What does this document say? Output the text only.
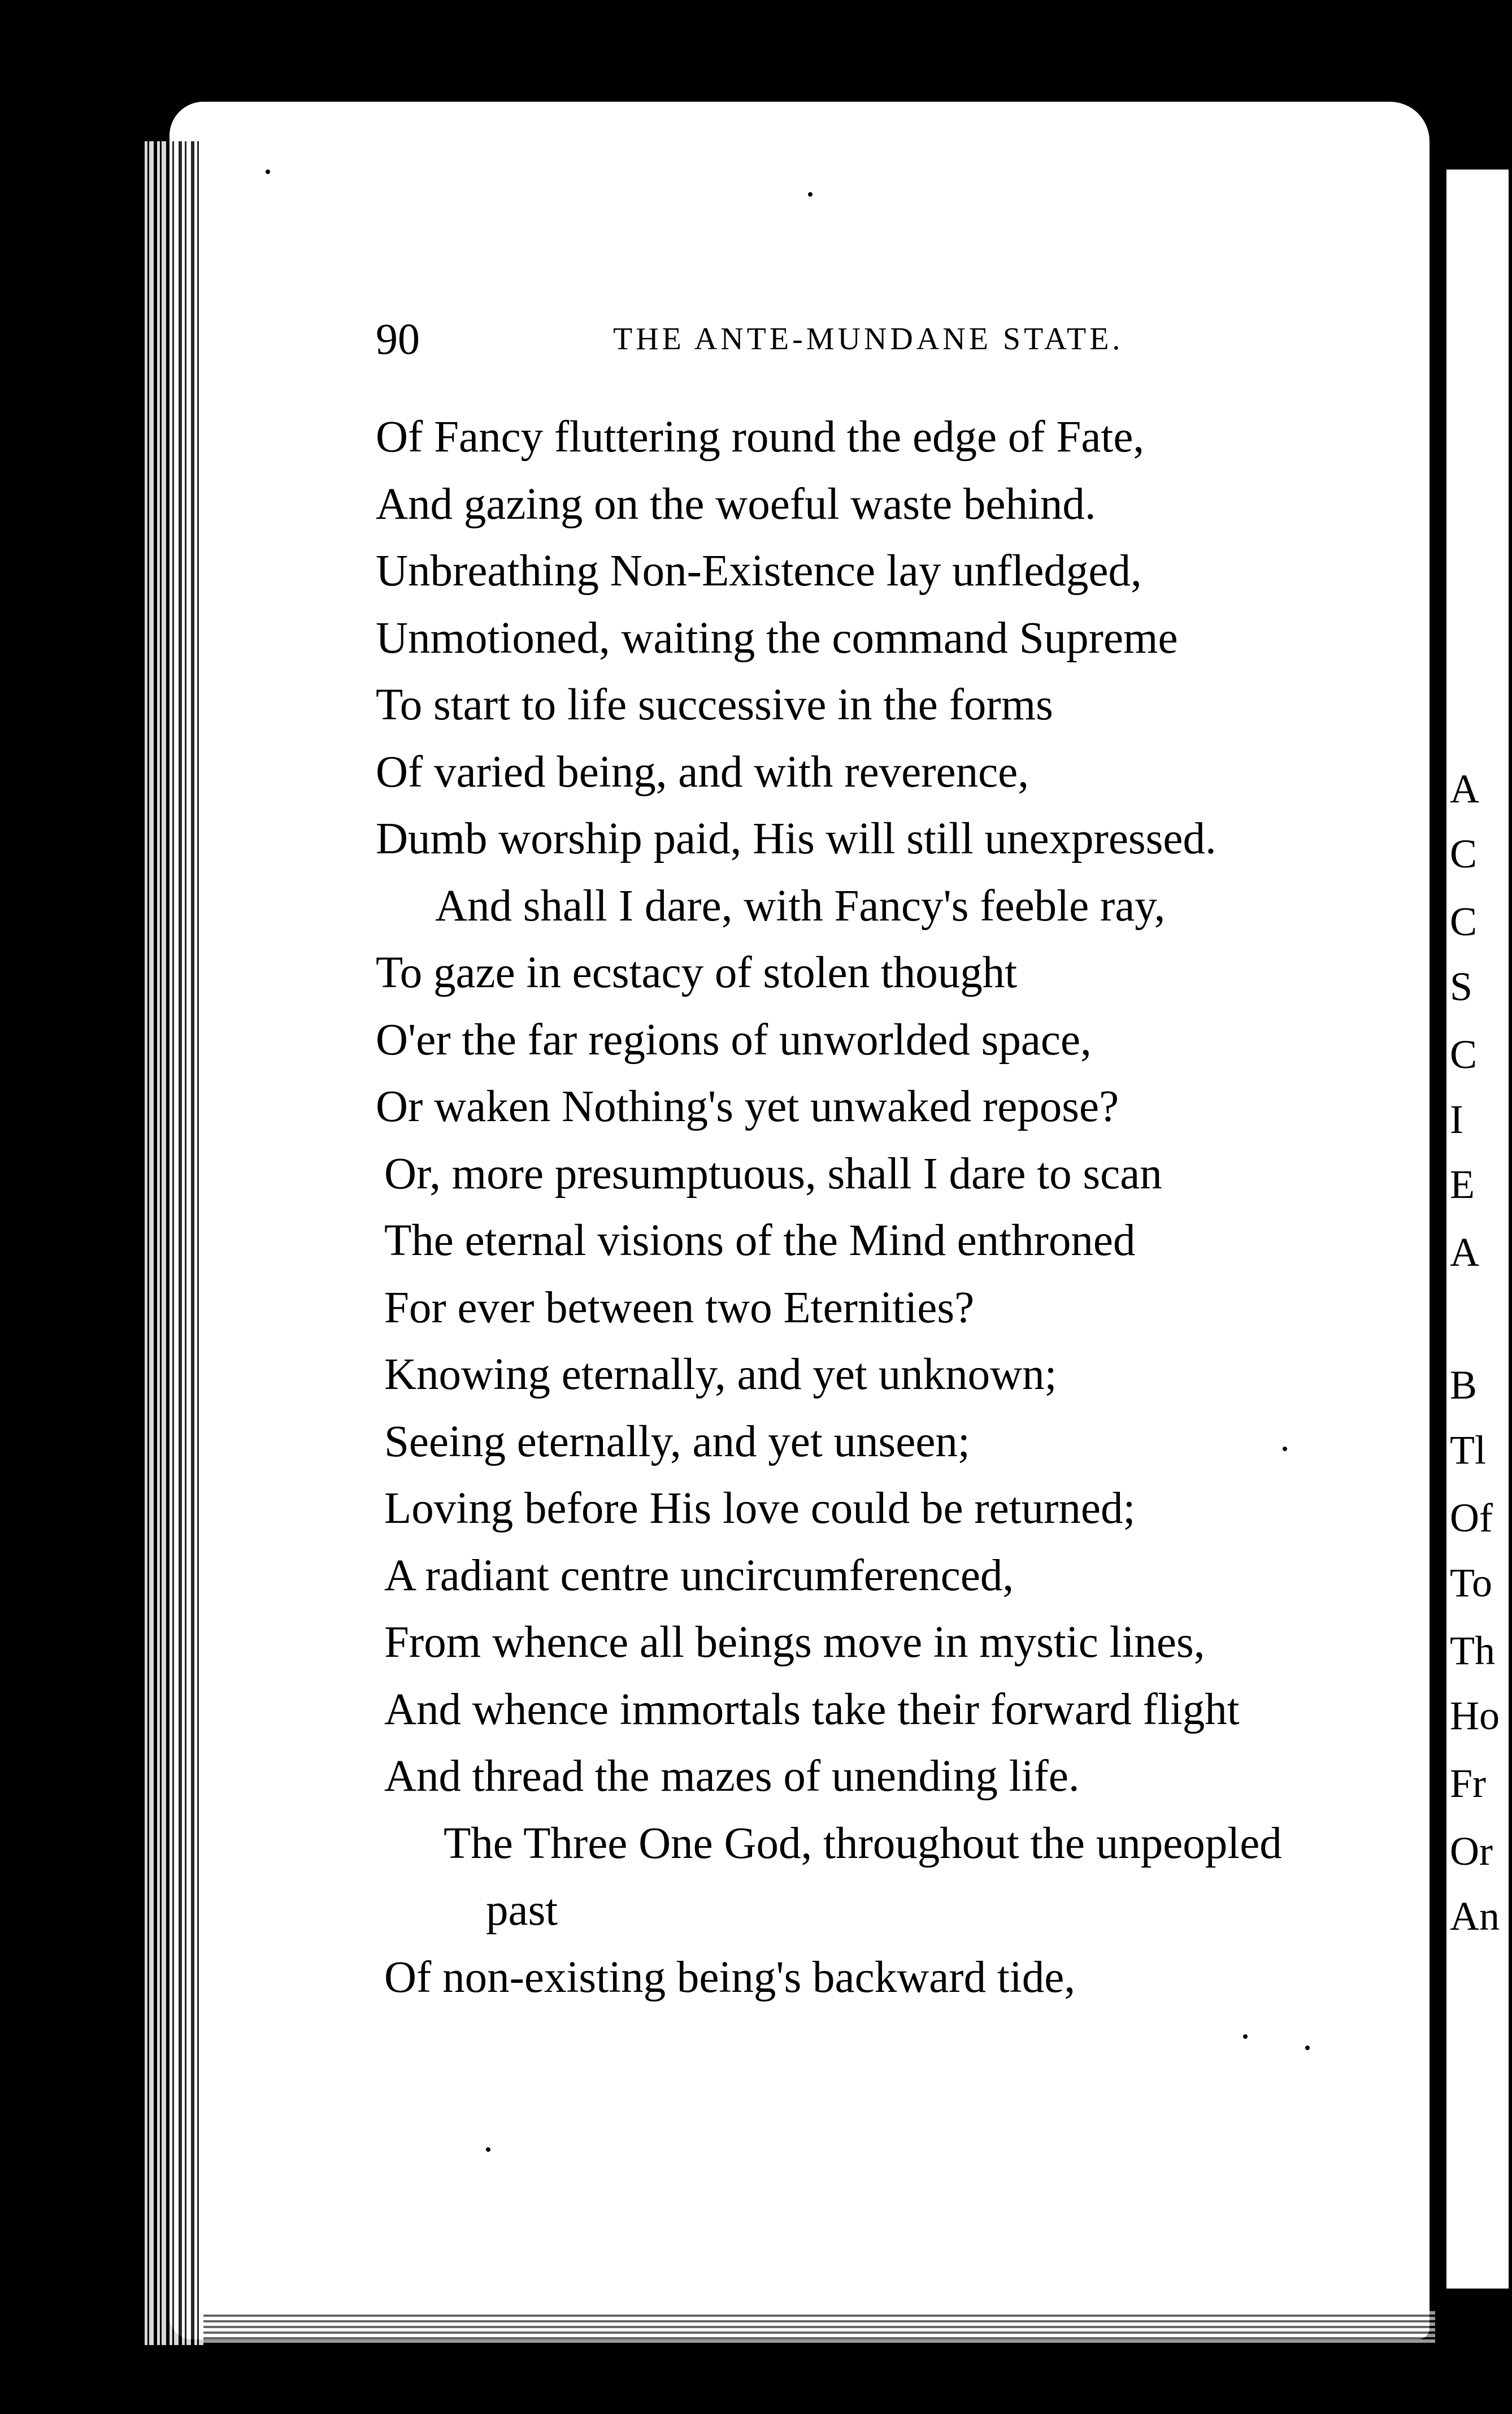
A
C
C
S
C
I
E
A
B
Tl
Of
To
Th
Ho
Fr
Or
An
90	THE ANTE-MUNDANE STATE.
Of Fancy fluttering round the edge of Fate,
And gazing on the woeful waste behind.
Unbreathing Non-Existence lay unfledged,
Unmotioned, waiting the command Supreme
To start to life successive in the forms
Of varied being, and with reverence,
Dumb worship paid, His will still unexpressed.
And shall I dare, with Fancy's feeble ray,
To gaze in ecstacy of stolen thought
O'er the far regions of unworlded space,
Or waken Nothing's yet unwaked repose?
Or, more presumptuous, shall I dare to scan
The eternal visions of the Mind enthroned
For ever between two Eternities?
Knowing eternally, and yet unknown;
Seeing eternally, and yet unseen;
Loving before His love could be returned;
A radiant centre uncircumferenced,
From whence all beings move in mystic lines,
And whence immortals take their forward flight
And thread the mazes of unending life.
The Three One God, throughout the unpeopled
past
Of non-existing being's backward tide,
